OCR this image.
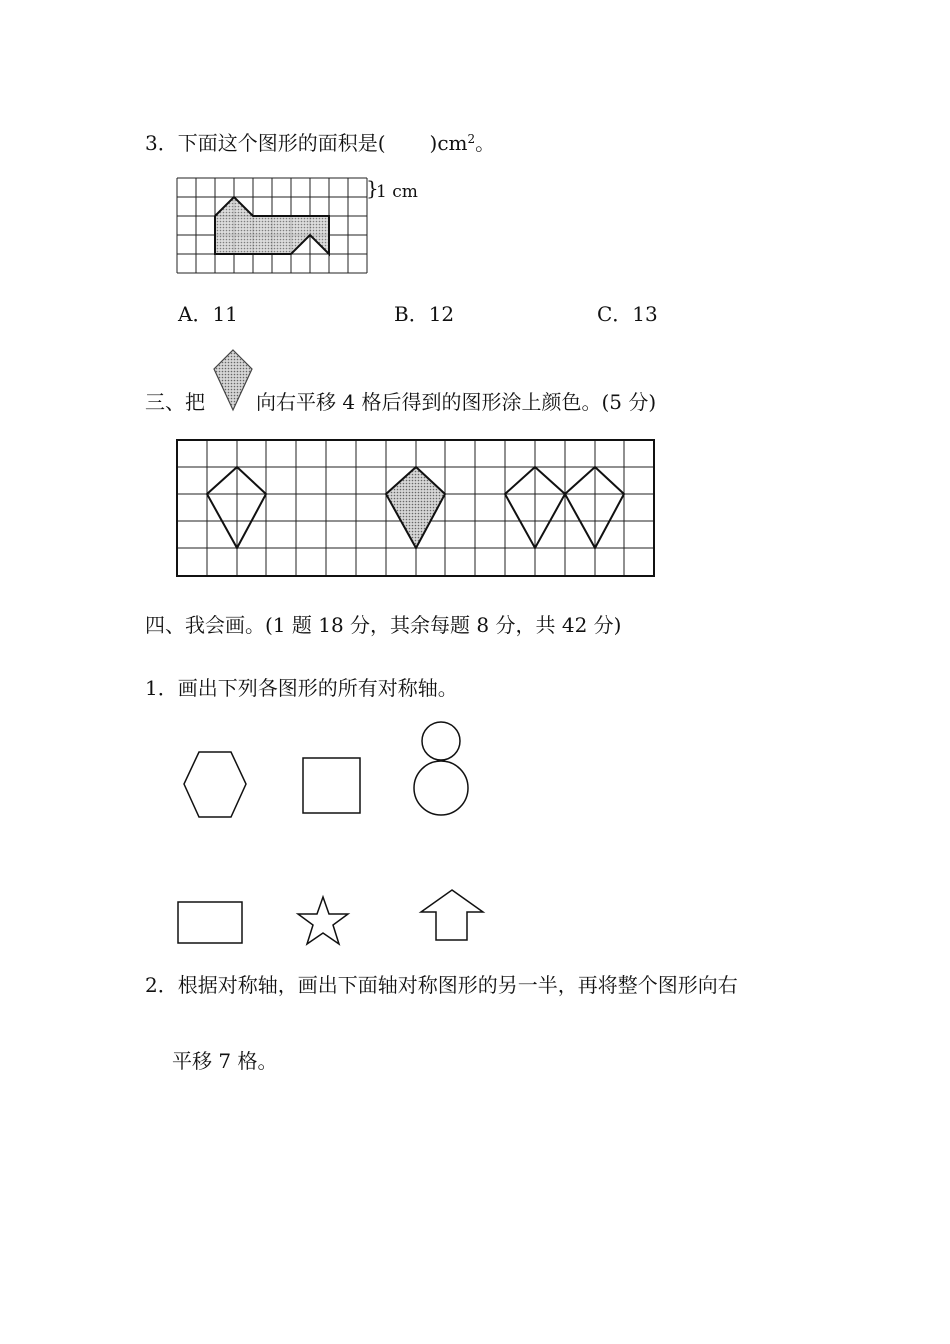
3．下面这个图形的面积是( )$cm^2$。
}
1 cm
A．11	B．12	C．13
三、把	向右平移 4 格后得到的图形涂上颜色。(5 分)
四、我会画。(1 题 18 分，其余每题 8 分，共 42 分)
1．画出下列各图形的所有对称轴。
2．根据对称轴，画出下面轴对称图形的另一半，再将整个图形向右
平移 7 格。
